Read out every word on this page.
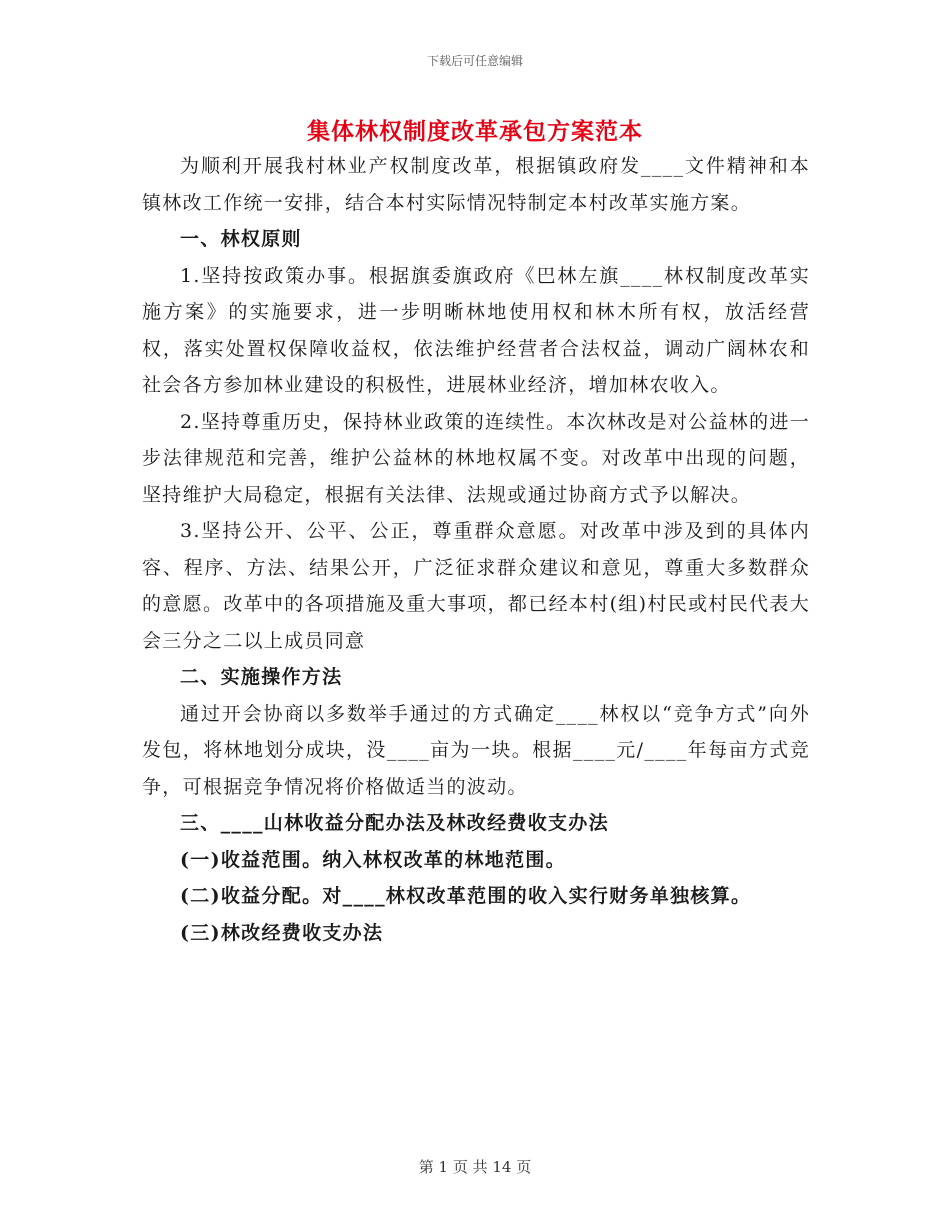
下载后可任意编辑
集体林权制度改革承包方案范本

为顺利开展我村林业产权制度改革，根据镇政府发____文件精神和本镇林改工作统一安排，结合本村实际情况特制定本村改革实施方案。

一、林权原则

1.坚持按政策办事。根据旗委旗政府《巴林左旗____林权制度改革实施方案》的实施要求，进一步明晰林地使用权和林木所有权，放活经营权，落实处置权保障收益权，依法维护经营者合法权益，调动广阔林农和社会各方参加林业建设的积极性，进展林业经济，增加林农收入。

2.坚持尊重历史，保持林业政策的连续性。本次林改是对公益林的进一步法律规范和完善，维护公益林的林地权属不变。对改革中出现的问题，坚持维护大局稳定，根据有关法律、法规或通过协商方式予以解决。

3.坚持公开、公平、公正，尊重群众意愿。对改革中涉及到的具体内容、程序、方法、结果公开，广泛征求群众建议和意见，尊重大多数群众的意愿。改革中的各项措施及重大事项，都已经本村(组)村民或村民代表大会三分之二以上成员同意

二、实施操作方法

通过开会协商以多数举手通过的方式确定____林权以“竞争方式”向外发包，将林地划分成块，没____亩为一块。根据____元/____年每亩方式竞争，可根据竞争情况将价格做适当的波动。

三、____山林收益分配办法及林改经费收支办法

(一)收益范围。纳入林权改革的林地范围。

(二)收益分配。对____林权改革范围的收入实行财务单独核算。

(三)林改经费收支办法

第 1 页 共 14 页
